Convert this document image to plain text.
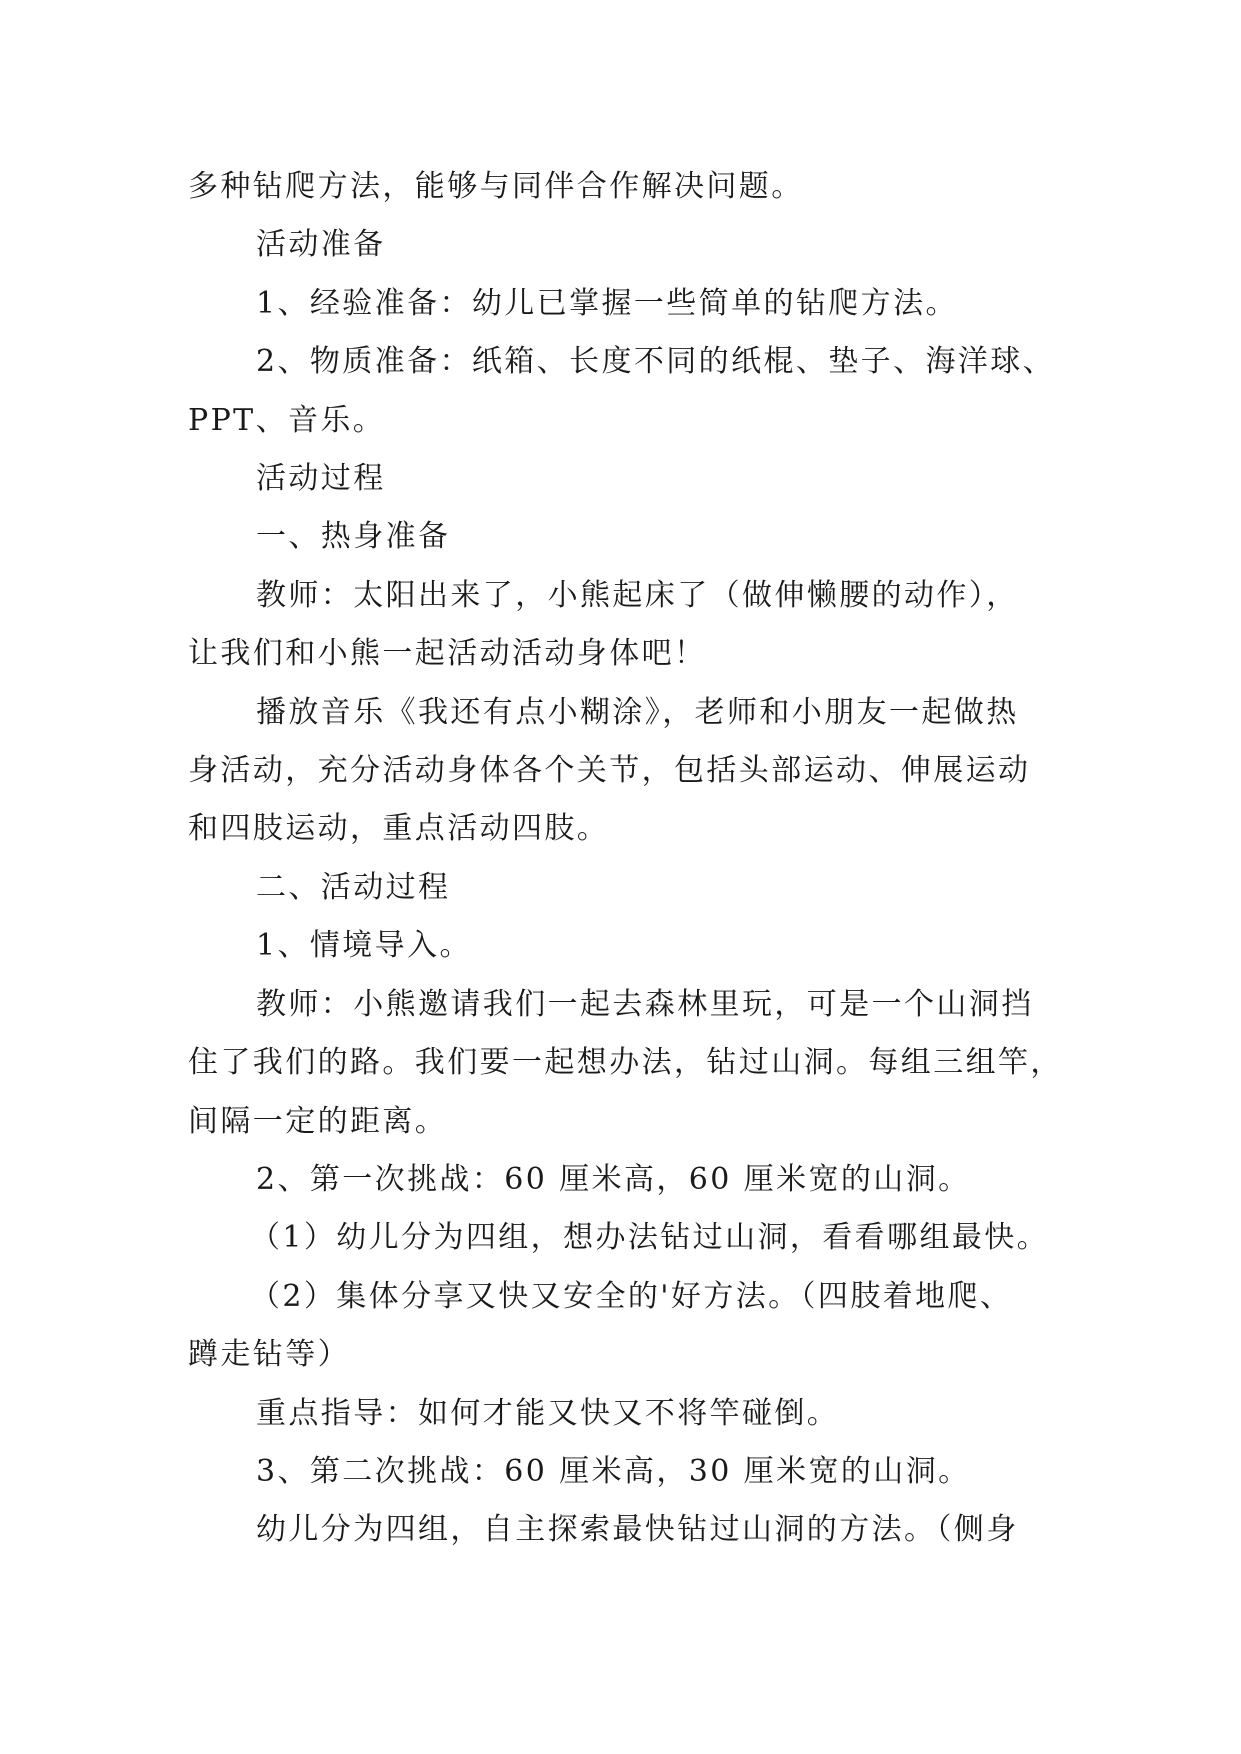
多种钻爬方法，能够与同伴合作解决问题。

活动准备

1、经验准备：幼儿已掌握一些简单的钻爬方法。

2、物质准备：纸箱、长度不同的纸棍、垫子、海洋球、

PPT、音乐。

活动过程

一、热身准备

教师：太阳出来了，小熊起床了（做伸懒腰的动作），

让我们和小熊一起活动活动身体吧！

播放音乐《我还有点小糊涂》，老师和小朋友一起做热

身活动，充分活动身体各个关节，包括头部运动、伸展运动

和四肢运动，重点活动四肢。

二、活动过程

1、情境导入。

教师：小熊邀请我们一起去森林里玩，可是一个山洞挡

住了我们的路。我们要一起想办法，钻过山洞。每组三组竿，

间隔一定的距离。

2、第一次挑战：60 厘米高，60 厘米宽的山洞。

（1）幼儿分为四组，想办法钻过山洞，看看哪组最快。

（2）集体分享又快又安全的'好方法。（四肢着地爬、

蹲走钻等）

重点指导：如何才能又快又不将竿碰倒。

3、第二次挑战：60 厘米高，30 厘米宽的山洞。

幼儿分为四组，自主探索最快钻过山洞的方法。（侧身
